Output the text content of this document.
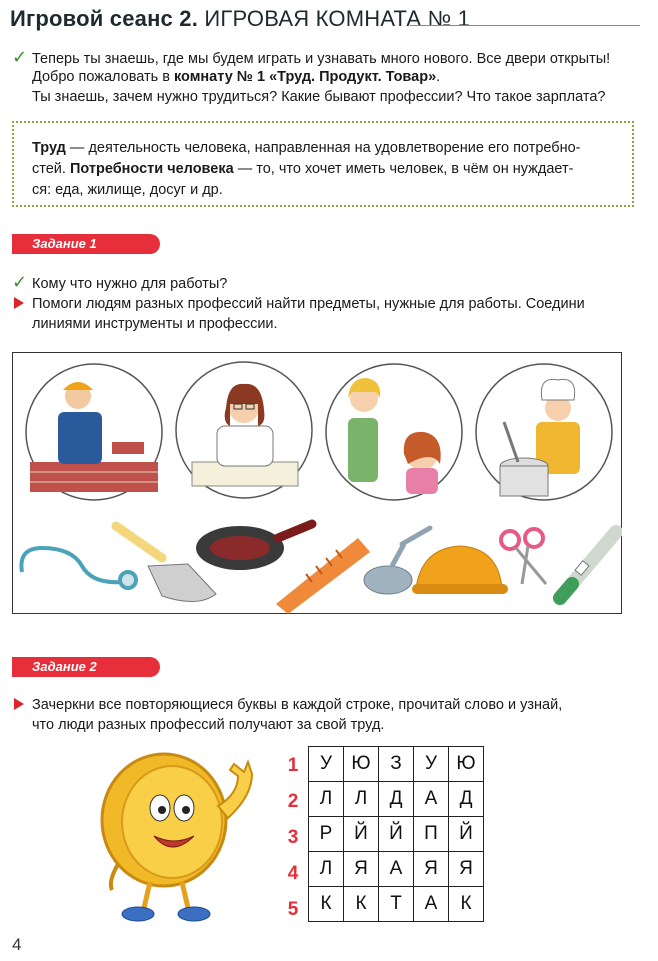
Игровой сеанс 2. ИГРОВАЯ КОМНАТА № 1
✓ Теперь ты знаешь, где мы будем играть и узнавать много нового. Все двери открыты!
Добро пожаловать в комнату № 1 «Труд. Продукт. Товар».
Ты знаешь, зачем нужно трудиться? Какие бывают профессии? Что такое зарплата?
Труд — деятельность человека, направленная на удовлетворение его потребно-
стей. Потребности человека — то, что хочет иметь человек, в чём он нуждает-
ся: еда, жилище, досуг и др.
Задание 1
✓ Кому что нужно для работы?
Помоги людям разных профессий найти предметы, нужные для работы. Соедини
линиями инструменты и профессии.
Задание 2
Зачеркни все повторяющиеся буквы в каждой строке, прочитай слово и узнай,
что люди разных профессий получают за свой труд.
1
2
3
4
5
У	Ю	З	У	Ю
Л	Л	Д	А	Д
Р	Й	Й	П	Й
Л	Я	А	Я	Я
К	К	Т	А	К
4
